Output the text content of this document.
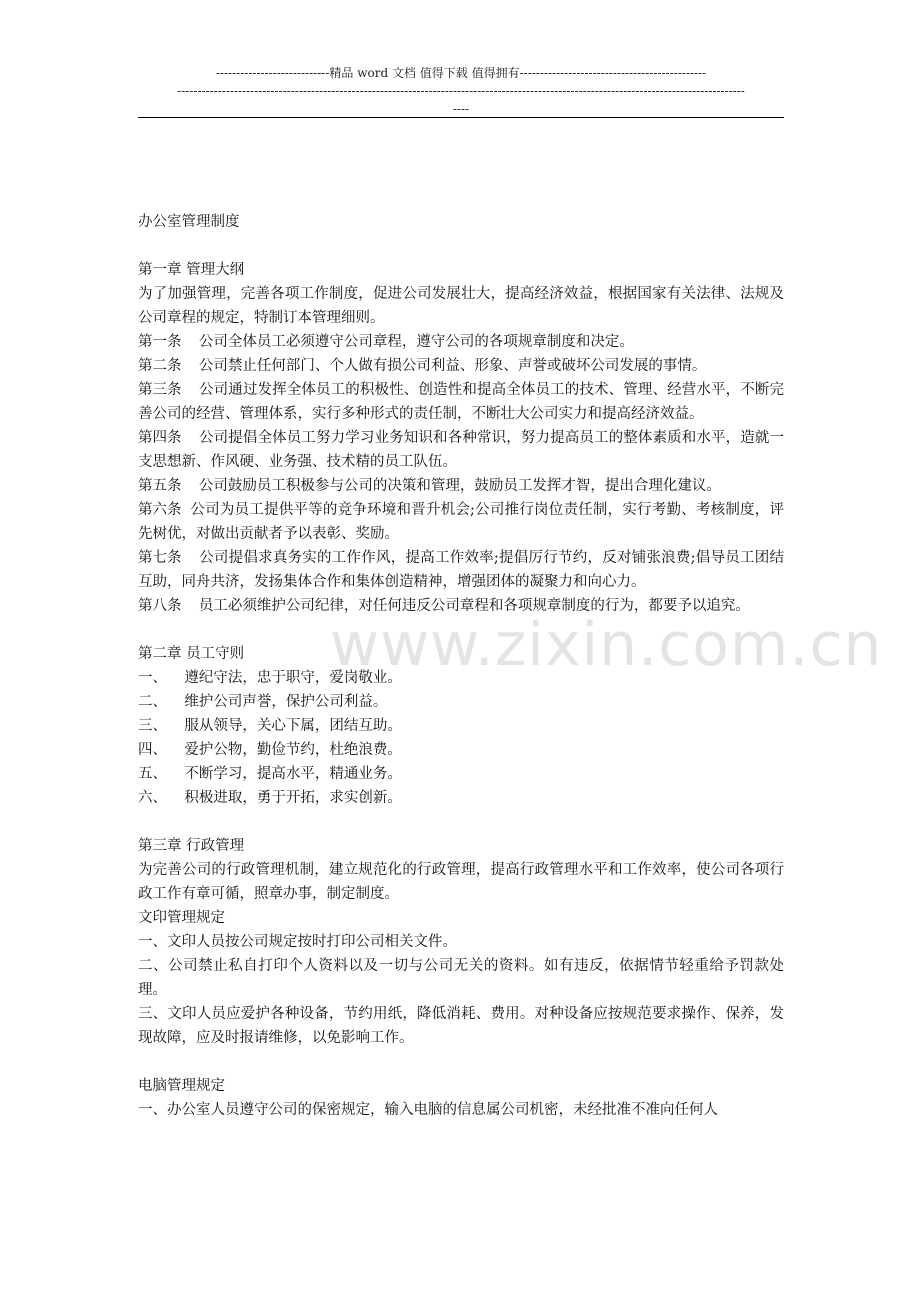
----------------------------精品 word 文档 值得下载 值得拥有----------------------------------------------
--------------------------------------------------------------------------------------------------------------------------------------------
----
www.zixin.com.cn

办公室管理制度

第一章 管理大纲

为了加强管理，完善各项工作制度，促进公司发展壮大，提高经济效益，根据国家有关法律、法规及公司章程的规定，特制订本管理细则。

第一条 公司全体员工必须遵守公司章程，遵守公司的各项规章制度和决定。

第二条 公司禁止任何部门、个人做有损公司利益、形象、声誉或破坏公司发展的事情。

第三条 公司通过发挥全体员工的积极性、创造性和提高全体员工的技术、管理、经营水平，不断完善公司的经营、管理体系，实行多种形式的责任制，不断壮大公司实力和提高经济效益。

第四条 公司提倡全体员工努力学习业务知识和各种常识，努力提高员工的整体素质和水平，造就一支思想新、作风硬、业务强、技术精的员工队伍。

第五条 公司鼓励员工积极参与公司的决策和管理，鼓励员工发挥才智，提出合理化建议。

第六条 公司为员工提供平等的竞争环境和晋升机会;公司推行岗位责任制，实行考勤、考核制度，评先树优，对做出贡献者予以表彰、奖励。

第七条 公司提倡求真务实的工作作风，提高工作效率;提倡厉行节约，反对铺张浪费;倡导员工团结互助，同舟共济，发扬集体合作和集体创造精神，增强团体的凝聚力和向心力。

第八条 员工必须维护公司纪律，对任何违反公司章程和各项规章制度的行为，都要予以追究。

第二章 员工守则

一、 遵纪守法，忠于职守，爱岗敬业。

二、 维护公司声誉，保护公司利益。

三、 服从领导，关心下属，团结互助。

四、 爱护公物，勤俭节约，杜绝浪费。

五、 不断学习，提高水平，精通业务。

六、 积极进取，勇于开拓，求实创新。

第三章 行政管理

为完善公司的行政管理机制，建立规范化的行政管理，提高行政管理水平和工作效率，使公司各项行政工作有章可循，照章办事，制定制度。

文印管理规定

一、文印人员按公司规定按时打印公司相关文件。

二、公司禁止私自打印个人资料以及一切与公司无关的资料。如有违反，依据情节轻重给予罚款处理。

三、文印人员应爱护各种设备，节约用纸，降低消耗、费用。对种设备应按规范要求操作、保养，发现故障，应及时报请维修，以免影响工作。

电脑管理规定

一、办公室人员遵守公司的保密规定，输入电脑的信息属公司机密，未经批准不准向任何人
